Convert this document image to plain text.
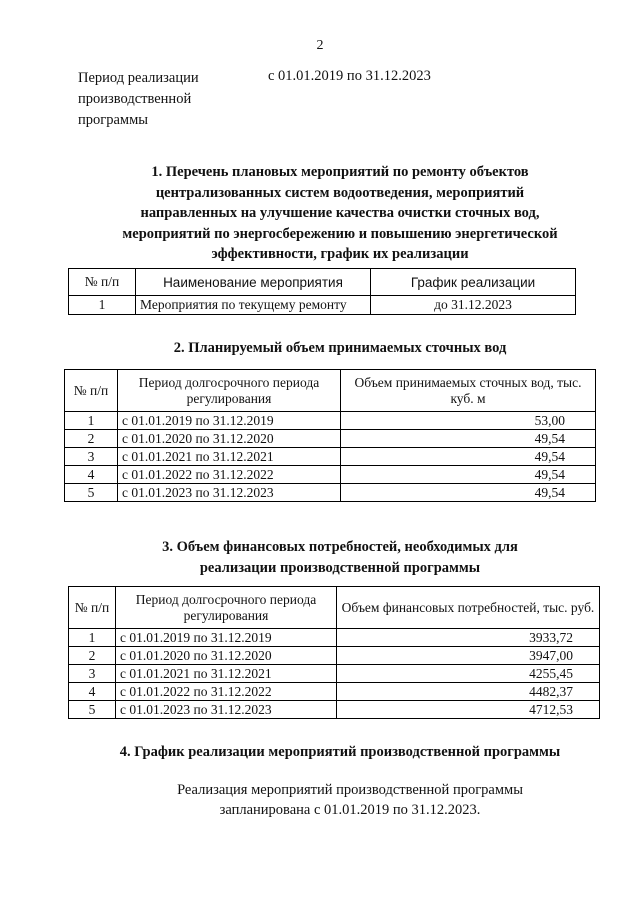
2
Период реализации
производственной
программы
с 01.01.2019 по 31.12.2023
1. Перечень плановых мероприятий по ремонту объектов
централизованных систем водоотведения, мероприятий
направленных на улучшение качества очистки сточных вод,
мероприятий по энергосбережению и повышению энергетической
эффективности, график их реализации
№ п/п	Наименование мероприятия	График реализации
1	Мероприятия по текущему ремонту	до 31.12.2023
2. Планируемый объем принимаемых сточных вод
№ п/п	Период долгосрочного периода регулирования	Объем принимаемых сточных вод, тыс. куб. м
1	с 01.01.2019 по 31.12.2019	53,00
2	с 01.01.2020 по 31.12.2020	49,54
3	с 01.01.2021 по 31.12.2021	49,54
4	с 01.01.2022 по 31.12.2022	49,54
5	с 01.01.2023 по 31.12.2023	49,54
3. Объем финансовых потребностей, необходимых для
реализации производственной программы
№ п/п	Период долгосрочного периода регулирования	Объем финансовых потребностей, тыс. руб.
1	с 01.01.2019 по 31.12.2019	3933,72
2	с 01.01.2020 по 31.12.2020	3947,00
3	с 01.01.2021 по 31.12.2021	4255,45
4	с 01.01.2022 по 31.12.2022	4482,37
5	с 01.01.2023 по 31.12.2023	4712,53
4. График реализации мероприятий производственной программы
Реализация мероприятий производственной программы
запланирована с 01.01.2019 по 31.12.2023.
